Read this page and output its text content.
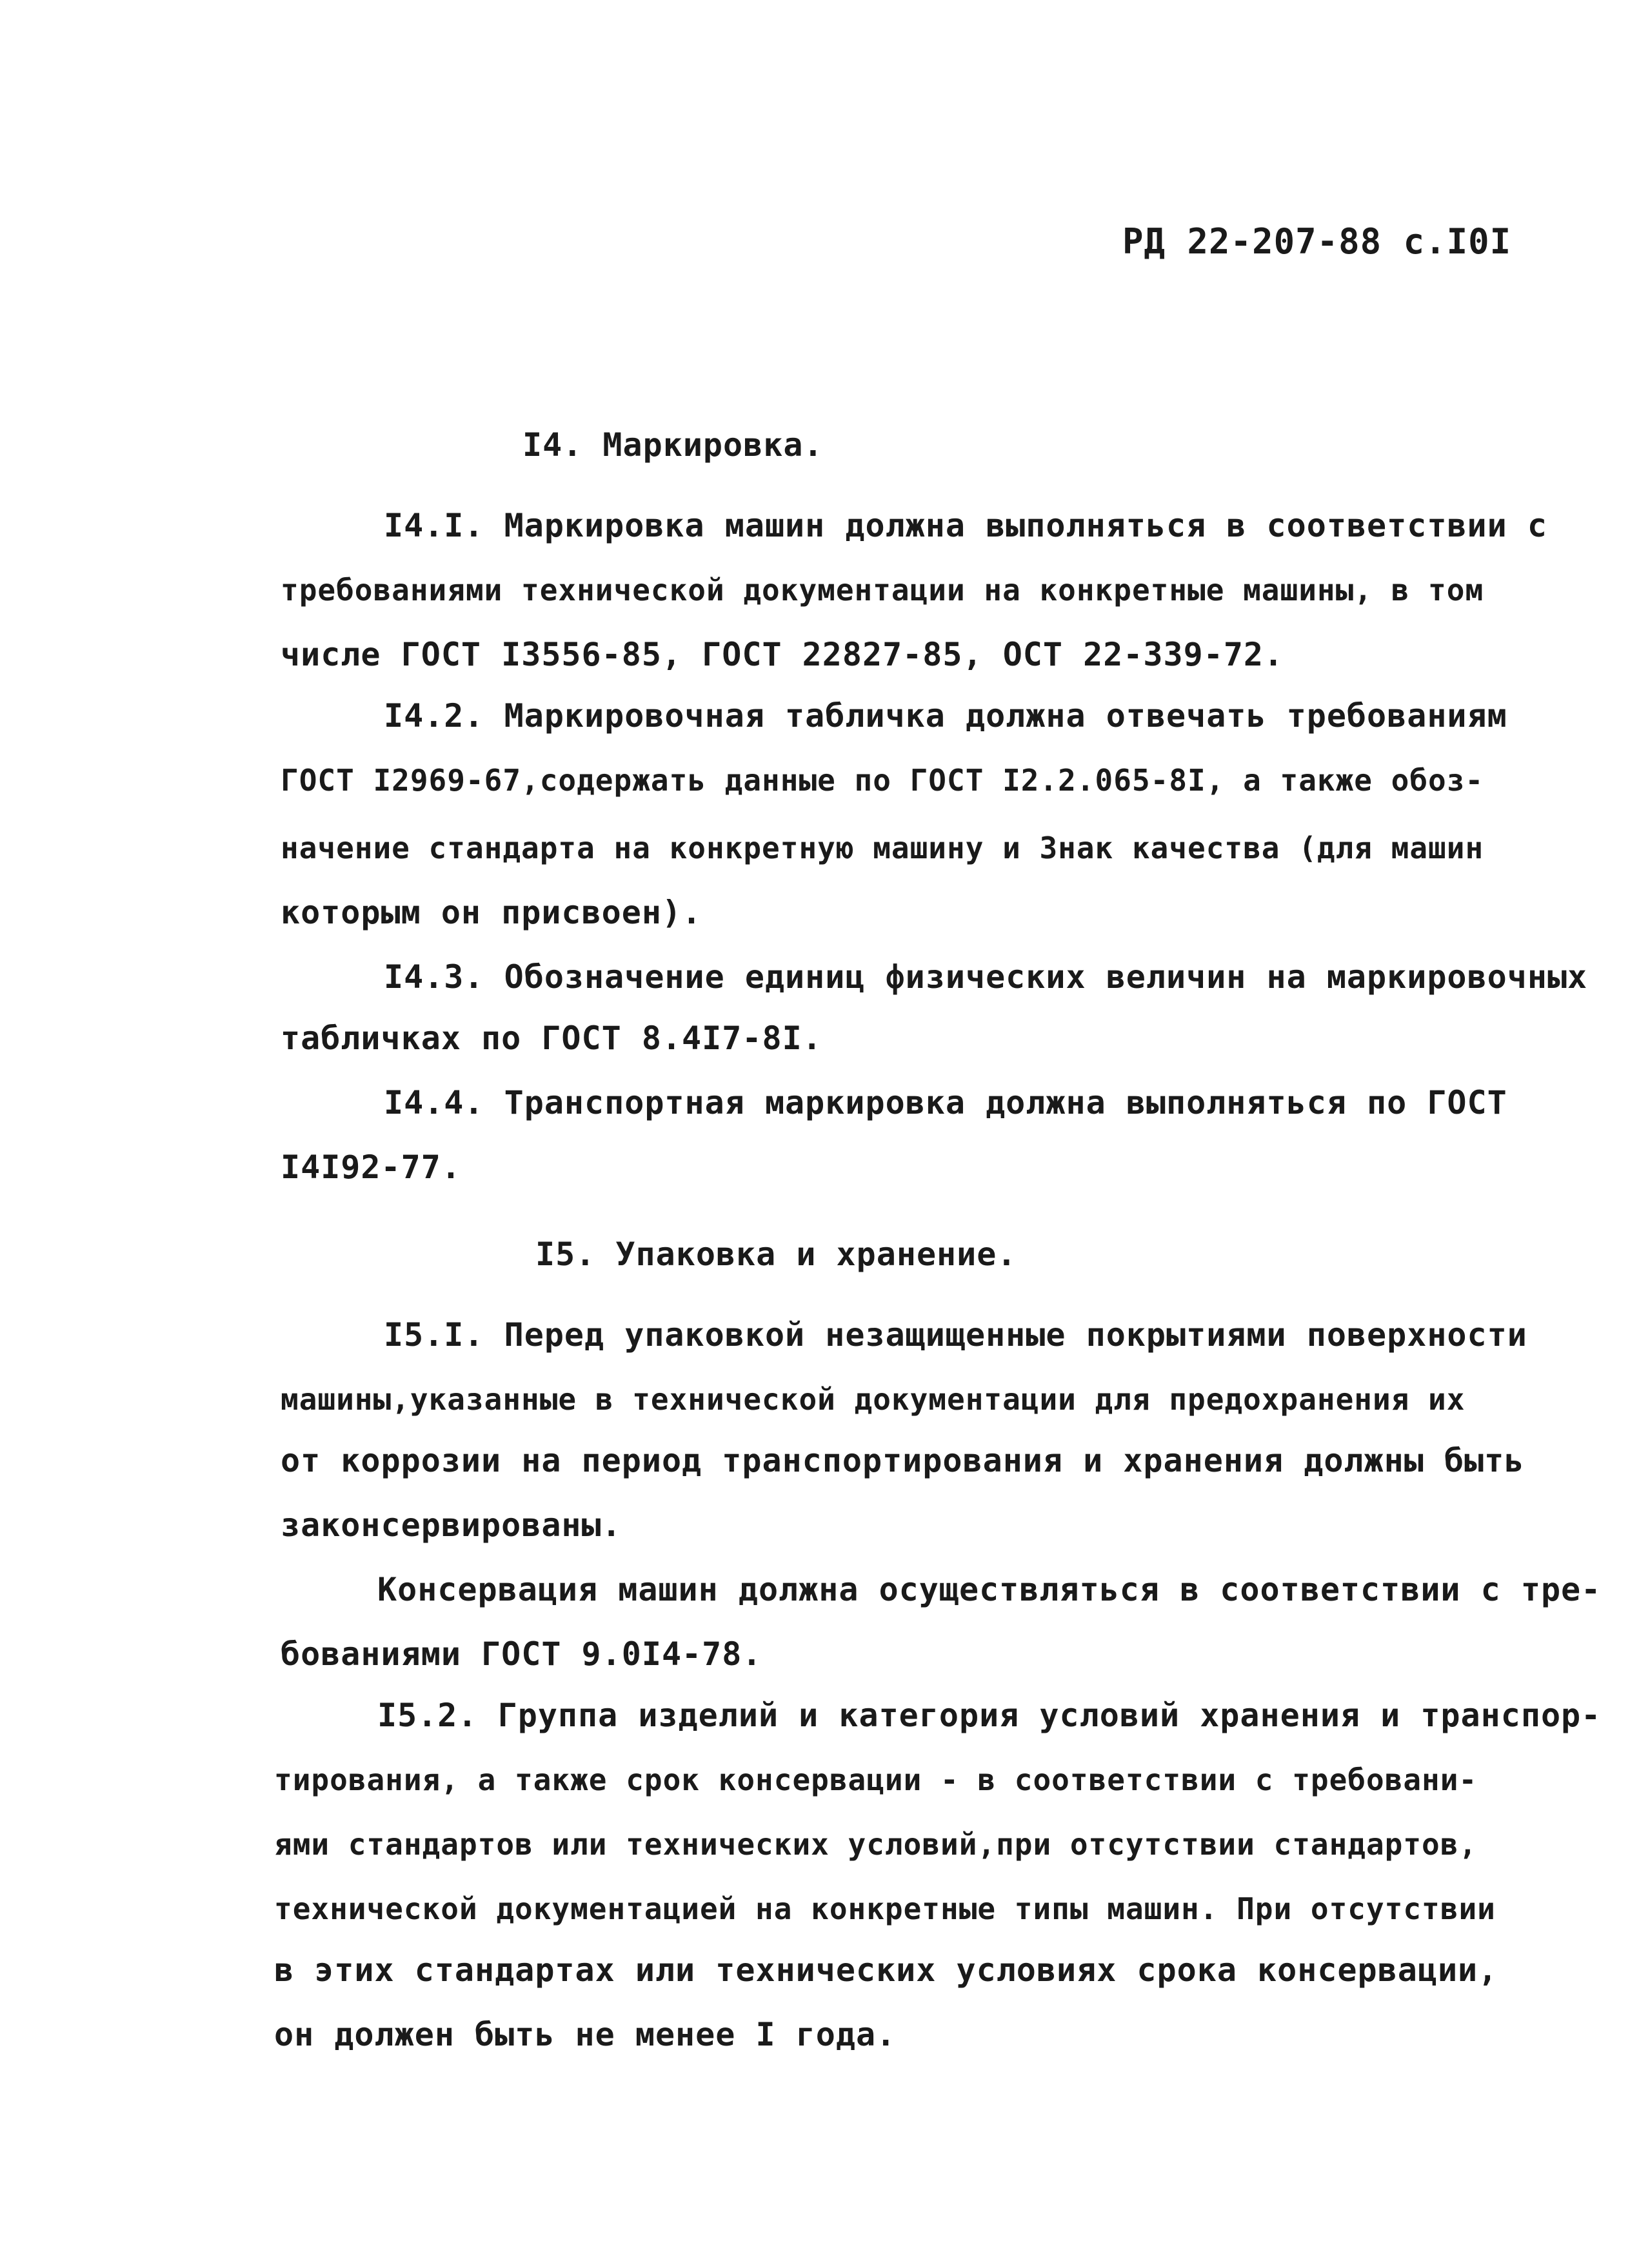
РД 22-207-88 с.I0I
I4. Маркировка.
I4.I. Маркировка машин должна выполняться в соответствии с
требованиями технической документации на конкретные машины, в том
числе ГОСТ I3556-85, ГОСТ 22827-85, ОСТ 22-339-72.
I4.2. Маркировочная табличка должна отвечать требованиям
ГОСТ I2969-67,содержать данные по ГОСТ I2.2.065-8I, а также обоз-
начение стандарта на конкретную машину и Знак качества (для машин
которым он присвоен).
I4.3. Обозначение единиц физических величин на маркировочных
табличках по ГОСТ 8.4I7-8I.
I4.4. Транспортная маркировка должна выполняться по ГОСТ
I4I92-77.
I5. Упаковка и хранение.
I5.I. Перед упаковкой незащищенные покрытиями поверхности
машины,указанные в технической документации для предохранения их
от коррозии на период транспортирования и хранения должны быть
законсервированы.
Консервация машин должна осуществляться в соответствии с тре-
бованиями ГОСТ 9.0I4-78.
I5.2. Группа изделий и категория условий хранения и транспор-
тирования, а также срок консервации - в соответствии с требовани-
ями стандартов или технических условий,при отсутствии стандартов,
технической документацией на конкретные типы машин. При отсутствии
в этих стандартах или технических условиях срока консервации,
он должен быть не менее I года.
